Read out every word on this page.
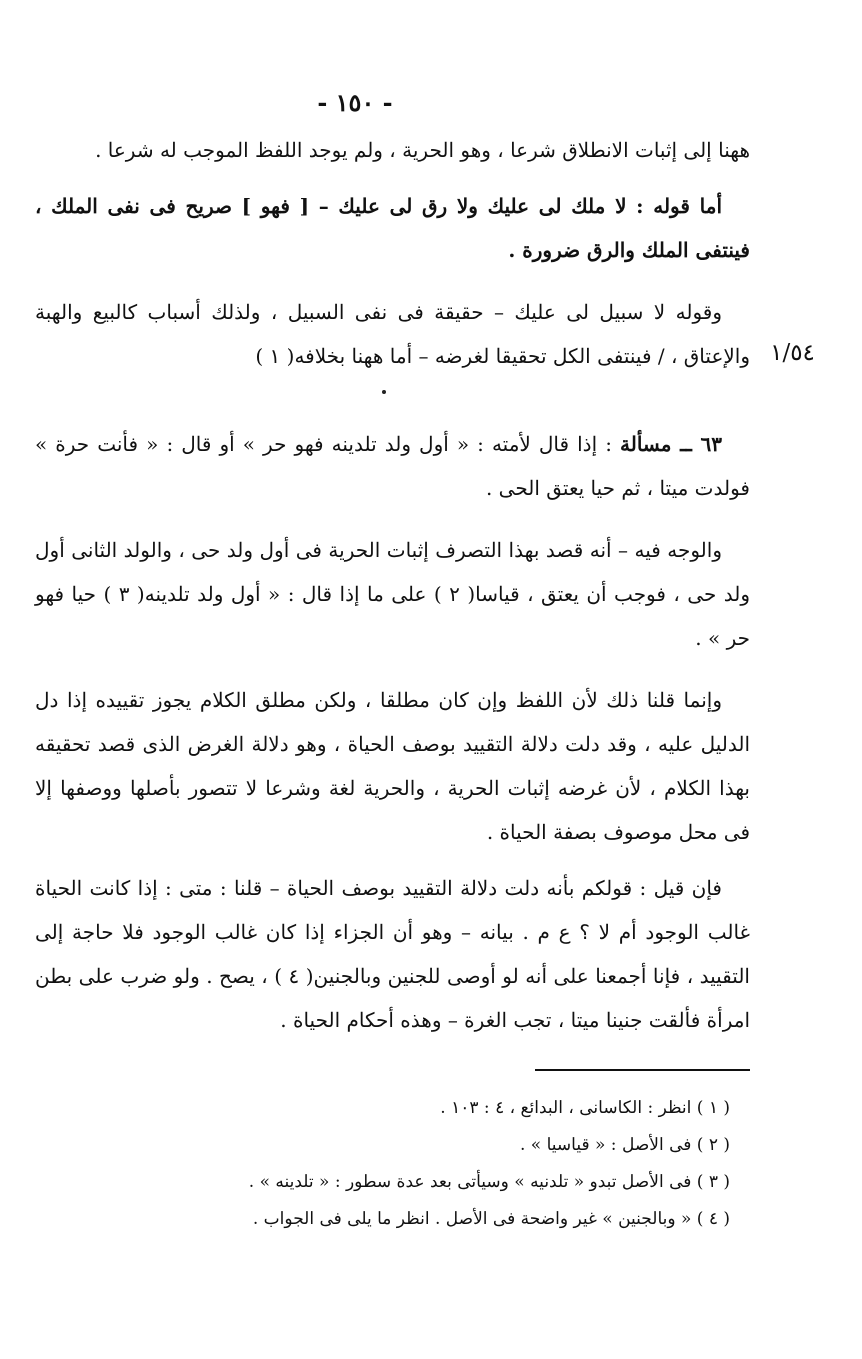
- ١٥٠ -
١/٥٤

ههنا إلى إثبات الانطلاق شرعا ، وهو الحرية ، ولم يوجد اللفظ الموجب له شرعا .

أما قوله : لا ملك لى عليك ولا رق لى عليك – [ فهو ] صريح فى نفى الملك ، فينتفى الملك والرق ضرورة .

وقوله لا سبيل لى عليك – حقيقة فى نفى السبيل ، ولذلك أسباب كالبيع والهبة والإعتاق ، / فينتفى الكل تحقيقا لغرضه – أما ههنا بخلافه( ١ )

٦٣ ــ مسألة : إذا قال لأمته : « أول ولد تلدينه فهو حر » أو قال : « فأنت حرة » فولدت ميتا ، ثم حيا يعتق الحى .

والوجه فيه – أنه قصد بهذا التصرف إثبات الحرية فى أول ولد حى ، والولد الثانى أول ولد حى ، فوجب أن يعتق ، قياسا( ٢ ) على ما إذا قال : « أول ولد تلدينه( ٣ ) حيا فهو حر » .

وإنما قلنا ذلك لأن اللفظ وإن كان مطلقا ، ولكن مطلق الكلام يجوز تقييده إذا دل الدليل عليه ، وقد دلت دلالة التقييد بوصف الحياة ، وهو دلالة الغرض الذى قصد تحقيقه بهذا الكلام ، لأن غرضه إثبات الحرية ، والحرية لغة وشرعا لا تتصور بأصلها ووصفها إلا فى محل موصوف بصفة الحياة .

فإن قيل : قولكم بأنه دلت دلالة التقييد بوصف الحياة – قلنا : متى : إذا كانت الحياة غالب الوجود أم لا ؟ ع م . بيانه – وهو أن الجزاء إذا كان غالب الوجود فلا حاجة إلى التقييد ، فإنا أجمعنا على أنه لو أوصى للجنين وبالجنين( ٤ ) ، يصح . ولو ضرب على بطن امرأة فألقت جنينا ميتا ، تجب الغرة – وهذه أحكام الحياة .

( ١ ) انظر : الكاسانى ، البدائع ، ٤ : ١٠٣ .

( ٢ ) فى الأصل : « قياسيا » .

( ٣ ) فى الأصل تبدو « تلدنيه » وسيأتى بعد عدة سطور : « تلدينه » .

( ٤ ) « وبالجنين » غير واضحة فى الأصل . انظر ما يلى فى الجواب .
